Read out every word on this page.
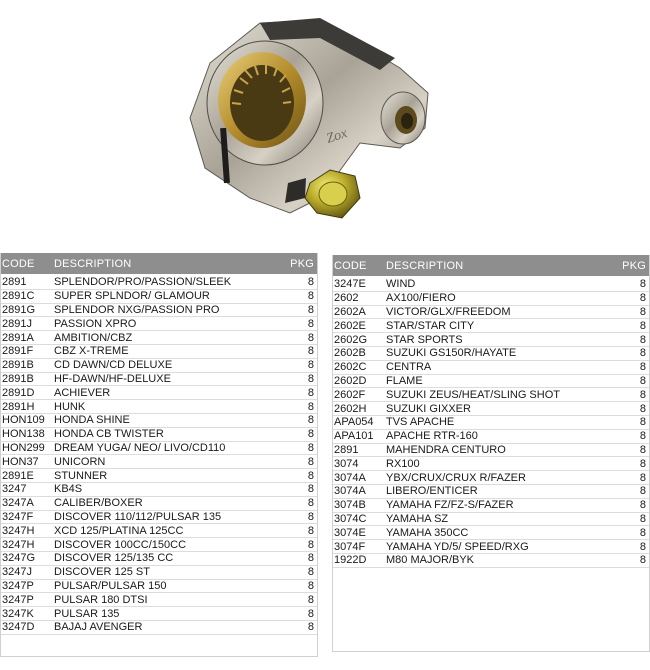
Zox
CODE	DESCRIPTION	PKG
2891	SPLENDOR/PRO/PASSION/SLEEK	8
2891C	SUPER SPLNDOR/ GLAMOUR	8
2891G	SPLENDOR NXG/PASSION PRO	8
2891J	PASSION XPRO	8
2891A	AMBITION/CBZ	8
2891F	CBZ X-TREME	8
2891B	CD DAWN/CD DELUXE	8
2891B	HF-DAWN/HF-DELUXE	8
2891D	ACHIEVER	8
2891H	HUNK	8
HON109 HONDA SHINE	8
HON138 HONDA CB TWISTER	8
HON299 DREAM YUGA/ NEO/ LIVO/CD110	8
HON37	UNICORN	8
2891E	STUNNER	8
3247	KB4S	8
3247A	CALIBER/BOXER	8
3247F	DISCOVER 110/112/PULSAR 135	8
3247H	XCD 125/PLATINA 125CC	8
3247H	DISCOVER 100CC/150CC	8
3247G	DISCOVER 125/135 CC	8
3247J	DISCOVER 125 ST	8
3247P	PULSAR/PULSAR 150	8
3247P	PULSAR 180 DTSI	8
3247K	PULSAR 135	8
3247D	BAJAJ AVENGER	8
CODE	DESCRIPTION	PKG
3247E	WIND	8
2602	AX100/FIERO	8
2602A	VICTOR/GLX/FREEDOM	8
2602E	STAR/STAR CITY	8
2602G	STAR SPORTS	8
2602B	SUZUKI GS150R/HAYATE	8
2602C	CENTRA	8
2602D	FLAME	8
2602F	SUZUKI ZEUS/HEAT/SLING SHOT	8
2602H	SUZUKI GIXXER	8
APA054	TVS APACHE	8
APA101	APACHE RTR-160	8
2891	MAHENDRA CENTURO	8
3074	RX100	8
3074A	YBX/CRUX/CRUX R/FAZER	8
3074A	LIBERO/ENTICER	8
3074B	YAMAHA FZ/FZ-S/FAZER	8
3074C	YAMAHA SZ	8
3074E	YAMAHA 350CC	8
3074F	YAMAHA YD/5/ SPEED/RXG	8
1922D	M80 MAJOR/BYK	8
